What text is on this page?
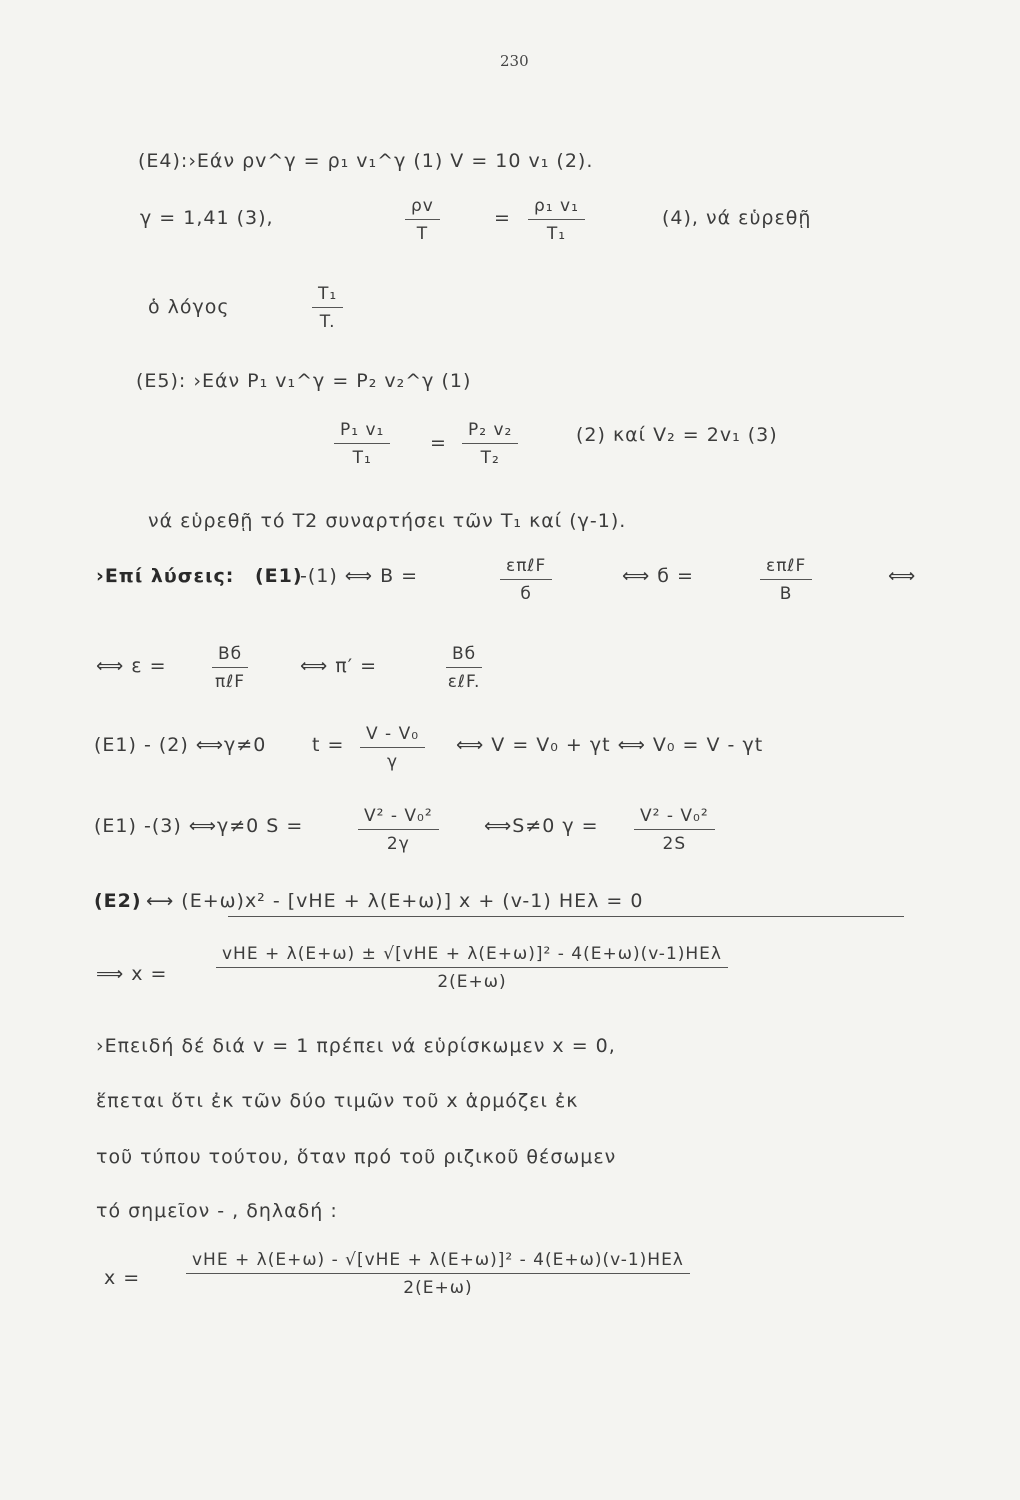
230
(E4):›Εάν ρv^γ = ρ₁ v₁^γ (1) V = 10 v₁ (2).
γ = 1,41 (3),	$\frac{\rho v}{T}$	= $\frac{\text{ρ₁ v₁}}{\text{T₁}}$	(4), νά εὑρεθῇ
ὁ λόγος	$\frac{\text{T₁}}{T.}$
(E5): ›Εάν P₁ v₁^γ = P₂ v₂^γ (1)
$\frac{\text{P₁ v₁}}{\text{T₁}} = \frac{\text{P₂ v₂}}{\text{T₂}}$	(2) καί V₂ = 2v₁ (3)
νά εὑρεθῇ τό T2 συναρτήσει τῶν T₁ καί (γ-1).
›Επί λύσεις: (E1)
-(1) ⟺ B =	επℓF
б
⟺ б =	επℓF
B
⟺
⟺ ε =
Bб
πℓF
⟺ π′ =
Bб
εℓF.
(E1) - (2) ⟺γ≠0 $t = \frac{\text{V - V₀}}{\gamma}$ ⟺ V = V₀ + γt ⟺ V₀ = V - γt
(E1) -(3) ⟺γ≠0 S =	$\frac{\text{V² - V₀²}}{2\gamma}$ ⟺S≠0 $\gamma = \frac{\text{V² - V₀²}}{2S}$
(E2) ⟷ (E+ω)x² - [vHE + λ(E+ω)] x + (v-1) HEλ = 0
⟹ x =
vHE + λ(E+ω) ± √[vHE + λ(E+ω)]² - 4(E+ω)(v-1)HEλ
2(E+ω)
›Επειδή δέ διά v = 1 πρέπει νά εὑρίσκωμεν x = 0,
ἕπεται ὅτι ἐκ τῶν δύο τιμῶν τοῦ x ἁρμόζει ἐκ
τοῦ τύπου τούτου, ὅταν πρό τοῦ ριζικοῦ θέσωμεν
τό σημεῖον - , δηλαδή :
x =
vHE + λ(E+ω) - √[vHE + λ(E+ω)]² - 4(E+ω)(v-1)HEλ
2(E+ω)
